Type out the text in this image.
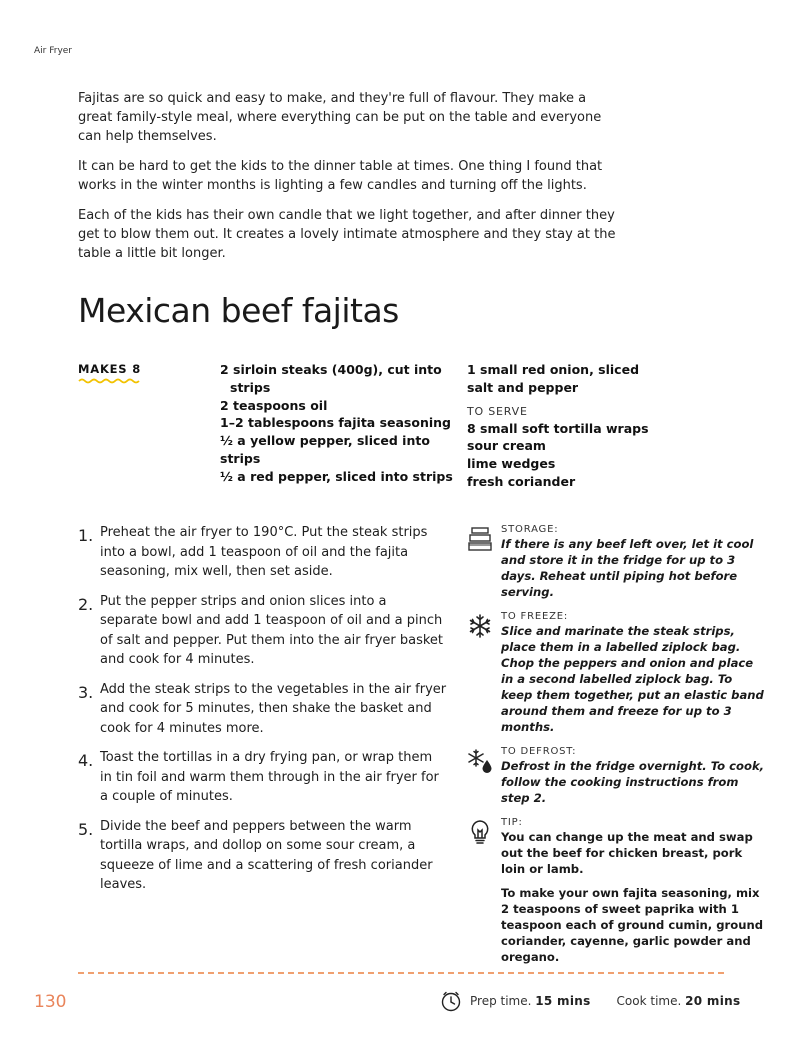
Air Fryer

Fajitas are so quick and easy to make, and they're full of flavour. They make a great family-style meal, where everything can be put on the table and everyone can help themselves.

It can be hard to get the kids to the dinner table at times. One thing I found that works in the winter months is lighting a few candles and turning off the lights.

Each of the kids has their own candle that we light together, and after dinner they get to blow them out. It creates a lovely intimate atmosphere and they stay at the table a little bit longer.

Mexican beef fajitas
MAKES 8	2 sirloin steaks (400g), cut into
strips
2 teaspoons oil
1–2 tablespoons fajita seasoning
½ a yellow pepper, sliced into strips
½ a red pepper, sliced into strips
1 small red onion, sliced
salt and pepper
TO SERVE
8 small soft tortilla wraps
sour cream
lime wedges
fresh coriander
1. Preheat the air fryer to 190°C. Put the steak strips into a bowl, add 1 teaspoon of oil and the fajita seasoning, mix well, then set aside.
2. Put the pepper strips and onion slices into a separate bowl and add 1 teaspoon of oil and a pinch of salt and pepper. Put them into the air fryer basket and cook for 4 minutes.
3. Add the steak strips to the vegetables in the air fryer and cook for 5 minutes, then shake the basket and cook for 4 minutes more.
4. Toast the tortillas in a dry frying pan, or wrap them in tin foil and warm them through in the air fryer for a couple of minutes.
5. Divide the beef and peppers between the warm tortilla wraps, and dollop on some sour cream, a squeeze of lime and a scattering of fresh coriander leaves.
STORAGE:
If there is any beef left over, let it cool and store it in the fridge for up to 3 days. Reheat until piping hot before serving.
TO FREEZE:
Slice and marinate the steak strips, place them in a labelled ziplock bag. Chop the peppers and onion and place in a second labelled ziplock bag. To keep them together, put an elastic band around them and freeze for up to 3 months.
TO DEFROST:
Defrost in the fridge overnight. To cook, follow the cooking instructions from step 2.
TIP:

You can change up the meat and swap out the beef for chicken breast, pork loin or lamb.

To make your own fajita seasoning, mix 2 teaspoons of sweet paprika with 1 teaspoon each of ground cumin, ground coriander, cayenne, garlic powder and oregano.

130	Prep time.
15 mins Cook time.
20 mins
